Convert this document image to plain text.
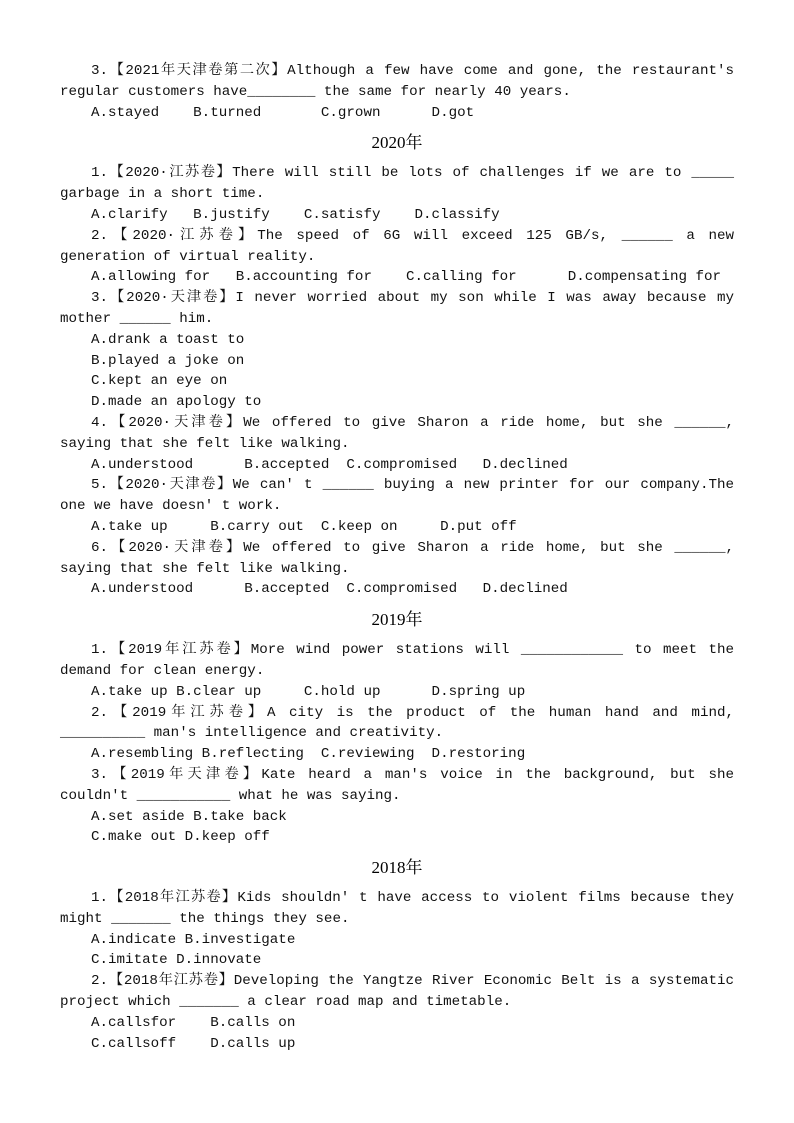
3.【2021年天津卷第二次】Although a few have come and gone, the restaurant's regular customers have________ the same for nearly 40 years.
A.stayed    B.turned       C.grown      D.got
2020年
1.【2020·江苏卷】There will still be lots of challenges if we are to _____ garbage in a short time.
A.clarify   B.justify    C.satisfy    D.classify
2.【2020·江苏卷】The speed of 6G will exceed 125 GB/s, ______ a new generation of virtual reality.
A.allowing for   B.accounting for    C.calling for      D.compensating for
3.【2020·天津卷】I never worried about my son while I was away because my mother ______ him.
A.drank a toast to
B.played a joke on
C.kept an eye on
D.made an apology to
4.【2020·天津卷】We offered to give Sharon a ride home, but she ______, saying that she felt like walking.
A.understood      B.accepted  C.compromised   D.declined
5.【2020·天津卷】We can' t ______ buying a new printer for our company.The one we have doesn' t work.
A.take up     B.carry out  C.keep on     D.put off
6.【2020·天津卷】We offered to give Sharon a ride home, but she ______, saying that she felt like walking.
A.understood      B.accepted  C.compromised   D.declined
2019年
1.【2019年江苏卷】More wind power stations will ____________ to meet the demand for clean energy.
A.take up B.clear up     C.hold up      D.spring up
2.【2019年江苏卷】A city is the product of the human hand and mind, __________ man's intelligence and creativity.
A.resembling B.reflecting  C.reviewing  D.restoring
3.【2019年天津卷】Kate heard a man's voice in the background, but she couldn't ___________ what he was saying.
A.set aside B.take back
C.make out D.keep off
2018年
1.【2018年江苏卷】Kids shouldn' t have access to violent films because they might _______ the things they see.
A.indicate B.investigate
C.imitate D.innovate
2.【2018年江苏卷】Developing the Yangtze River Economic Belt is a systematic project which _______ a clear road map and timetable.
A.callsfor    B.calls on
C.callsoff    D.calls up
